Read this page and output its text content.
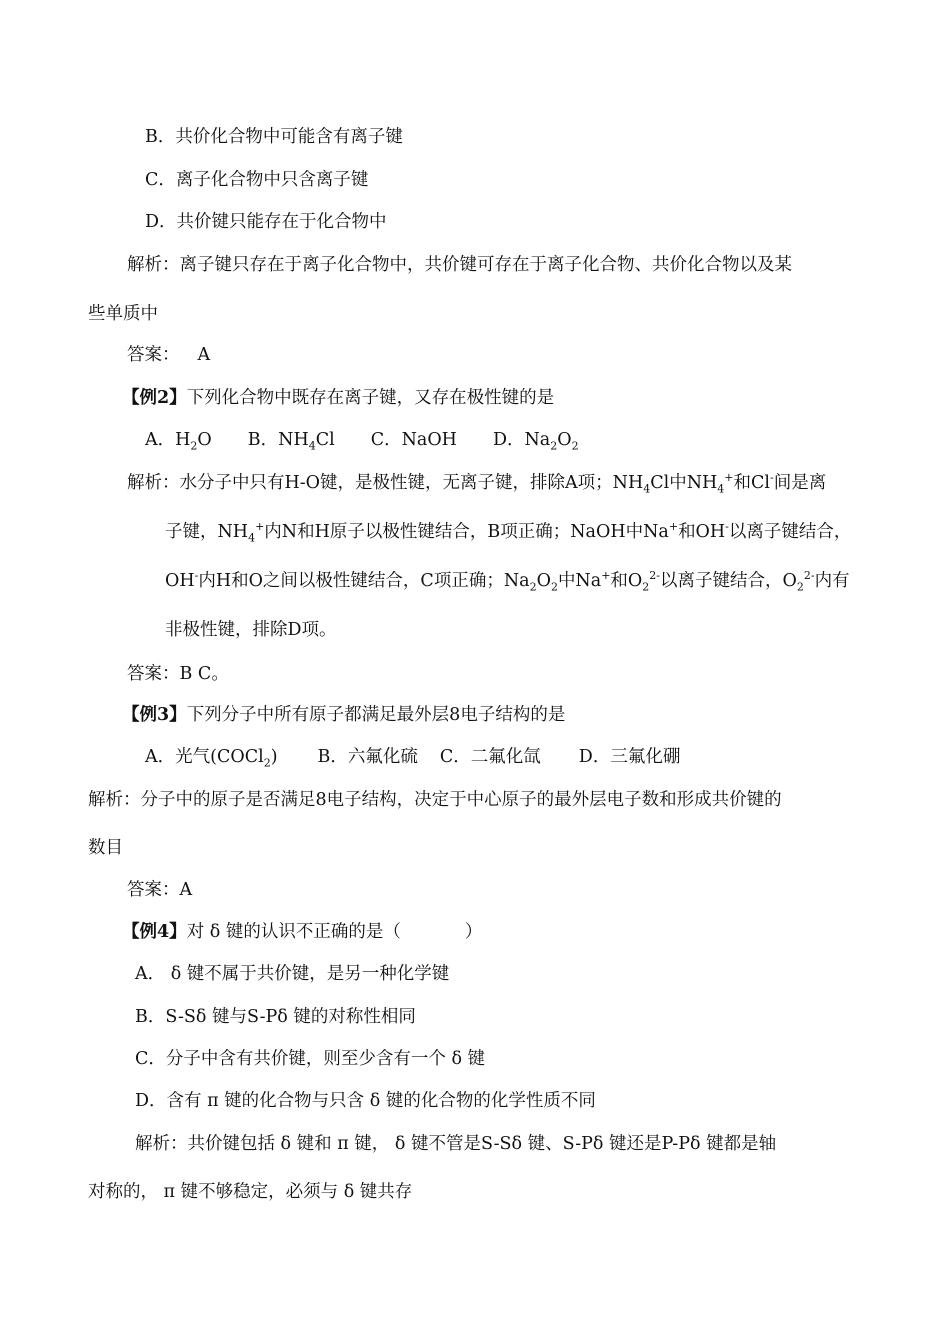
B．共价化合物中可能含有离子键
C．离子化合物中只含离子键
D．共价键只能存在于化合物中
解析：离子键只存在于离子化合物中，共价键可存在于离子化合物、共价化合物以及某
些单质中
答案： A
【例2】下列化合物中既存在离子键，又存在极性键的是
A．$H_2O$ B．$NH_4Cl$ C．NaOH D．$Na_2O_2$
解析：水分子中只有H-O键，是极性键，无离子键，排除A项；$NH_4Cl$中$NH_4^+$和Cl-间是离
子键，$NH_4^+$内N和H原子以极性键结合，B项正确；NaOH中Na+和OH-以离子键结合，
OH-内H和O之间以极性键结合，C项正确；$Na_2O_2$中Na+和$O_2^{2-}$以离子键结合，$O_2^{2-}$内有
非极性键，排除D项。
答案：B C。
【例3】下列分子中所有原子都满足最外层8电子结构的是
A．光气(COCl$_2$) B．六氟化硫 C．二氟化氙 D．三氟化硼
解析：分子中的原子是否满足8电子结构，决定于中心原子的最外层电子数和形成共价键的
数目
答案：A
【例4】对 δ 键的认识不正确的是（	）
A． δ 键不属于共价键，是另一种化学键
B．S-Sδ 键与S-Pδ 键的对称性相同
C．分子中含有共价键，则至少含有一个 δ 键
D．含有 π 键的化合物与只含 δ 键的化合物的化学性质不同
解析：共价键包括 δ 键和 π 键， δ 键不管是S-Sδ 键、S-Pδ 键还是P-Pδ 键都是轴
对称的， π 键不够稳定，必须与 δ 键共存
